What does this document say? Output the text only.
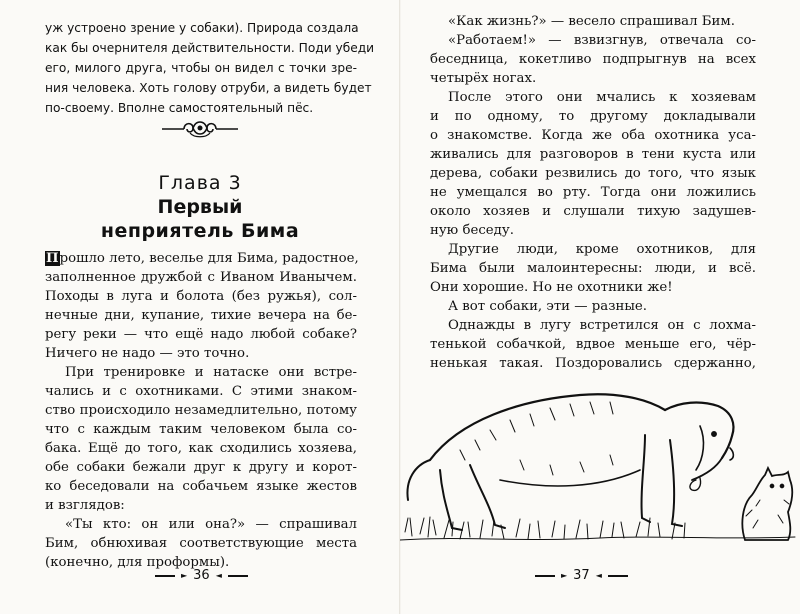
уж устроено зрение у собаки). Природа создала
как бы очернителя действительности. Поди убеди
его, милого друга, чтобы он видел с точки зре-
ния человека. Хоть голову отруби, а видеть будет
по-своему. Вполне самостоятельный пёс.
Глава 3
Первый
неприятель Бима
Прошло лето, веселье для Бима, радостное,
заполненное дружбой с Иваном Иванычем.
Походы в луга и болота (без ружья), сол-
нечные дни, купание, тихие вечера на бе-
регу реки — что ещё надо любой собаке?
Ничего не надо — это точно.
При тренировке и натаске они встре-
чались и с охотниками. С этими знаком-
ство происходило незамедлительно, потому
что с каждым таким человеком была со-
бака. Ещё до того, как сходились хозяева,
обе собаки бежали друг к другу и корот-
ко беседовали на собачьем языке жестов
и взглядов:
«Ты кто: он или она?» — спрашивал
Бим, обнюхивая соответствующие места
(конечно, для проформы).
► 36 ◄
«Как жизнь?» — весело спрашивал Бим.
«Работаем!» — взвизгнув, отвечала со-
беседница, кокетливо подпрыгнув на всех
четырёх ногах.
После этого они мчались к хозяевам
и по одному, то другому докладывали
о знакомстве. Когда же оба охотника уса-
живались для разговоров в тени куста или
дерева, собаки резвились до того, что язык
не умещался во рту. Тогда они ложились
около хозяев и слушали тихую задушев-
ную беседу.
Другие люди, кроме охотников, для
Бима были малоинтересны: люди, и всё.
Они хорошие. Но не охотники же!
А вот собаки, эти — разные.
Однажды в лугу встретился он с лохма-
тенькой собачкой, вдвое меньше его, чёр-
ненькая такая. Поздоровались сдержанно,
► 37 ◄
